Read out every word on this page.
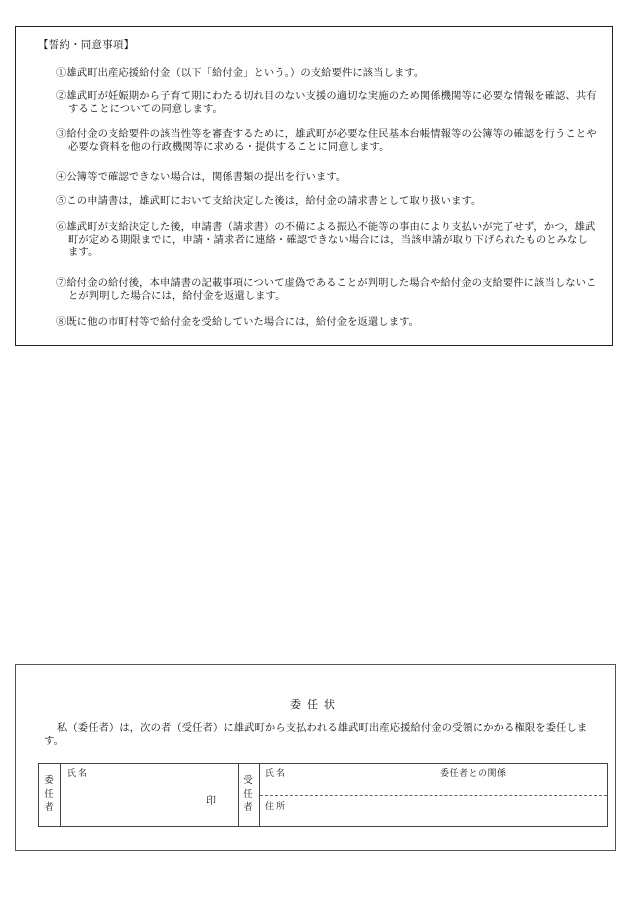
【誓約・同意事項】
①雄武町出産応援給付金（以下「給付金」という。）の支給要件に該当します。
②雄武町が妊娠期から子育て期にわたる切れ目のない支援の適切な実施のため関係機関等に必要な情報を確認、共有することについての同意します。
③給付金の支給要件の該当性等を審査するために，雄武町が必要な住民基本台帳情報等の公簿等の確認を行うことや必要な資料を他の行政機関等に求める・提供することに同意します。
④公簿等で確認できない場合は，関係書類の提出を行います。
⑤この申請書は，雄武町において支給決定した後は，給付金の請求書として取り扱います。
⑥雄武町が支給決定した後，申請書（請求書）の不備による振込不能等の事由により支払いが完了せず，かつ，雄武町が定める期限までに，申請・請求者に連絡・確認できない場合には，当該申請が取り下げられたものとみなします。
⑦給付金の給付後，本申請書の記載事項について虚偽であることが判明した場合や給付金の支給要件に該当しないことが判明した場合には，給付金を返還します。
⑧既に他の市町村等で給付金を受給していた場合には，給付金を返還します。
委任状
私（委任者）は，次の者（受任者）に雄武町から支払われる雄武町出産応援給付金の受領にかかる権限を委任します。
委任者
氏名
印
受任者
氏名	委任者との関係
住所
